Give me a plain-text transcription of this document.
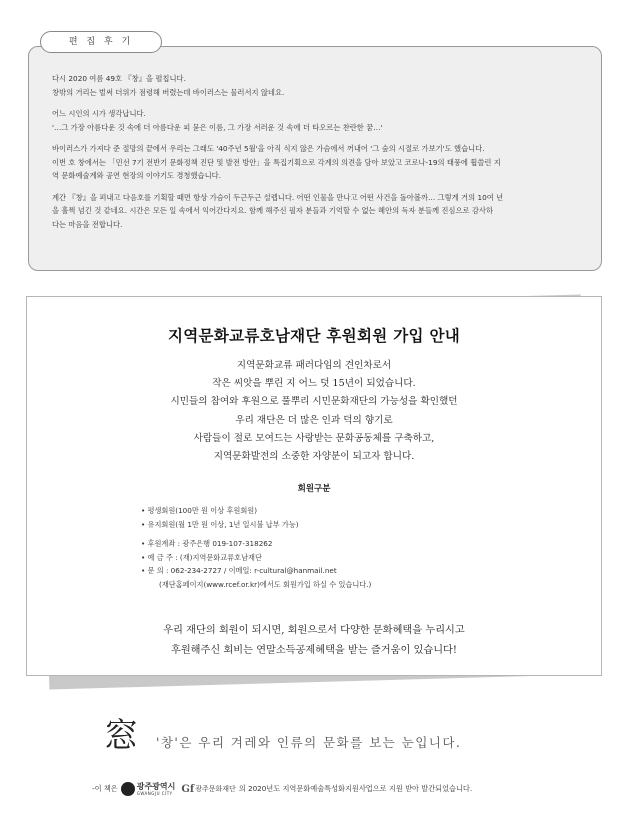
편 집 후 기

다시 2020 여름 49호 『창』을 펼칩니다.
창밖의 거리는 벌써 더위가 점령해 버렸는데 바이러스는 물러서지 않네요.

어느 시인의 시가 생각납니다.
'…그 가장 아름다운 것 속에 더 아름다운 피 묻은 이름, 그 가장 서러운 것 속에 더 타오르는 찬란한 꿈…'

바이러스가 가져다 준 절망의 끝에서 우리는 그래도 '40주년 5월'을 아직 식지 않은 가슴에서 꺼내어 '그 숲의 시절로 가보기'도 했습니다.
이번 호 창에서는 「민선 7기 전반기 문화정책 진단 및 발전 방안」을 특집기획으로 각계의 의견을 담아 보았고 코로나-19의 태풍에 휩쓸린 지
역 문화예술계와 공연 현장의 이야기도 경청했습니다.

계간 『창』을 펴내고 다음호를 기획할 때면 항상 가슴이 두근두근 설렙니다. 어떤 인물을 만나고 어떤 사건을 돌아볼까… 그렇게 거의 10여 년
을 훌쩍 넘긴 것 같네요. 시간은 모든 일 속에서 익어간다지요. 함께 해주신 필자 분들과 기억할 수 없는 혜안의 독자 분들께 진심으로 감사하
다는 마음을 전합니다.

지역문화교류호남재단 후원회원 가입 안내
지역문화교류 패러다임의 견인차로서
작은 씨앗을 뿌린 지 어느 덧 15년이 되었습니다.
시민들의 참여와 후원으로 풀뿌리 시민문화재단의 가능성을 확인했던
우리 재단은 더 많은 인과 덕의 향기로
사람들이 절로 모여드는 사랑받는 문화공동체를 구축하고,
지역문화발전의 소중한 자양분이 되고자 합니다.
회원구분
• 평생회원(100만 원 이상 후원회원)
• 유지회원(월 1만 원 이상, 1년 일시불 납부 가능)
• 후원계좌 : 광주은행 019-107-318262
• 예 금 주 : (재)지역문화교류호남재단
• 문 의 : 062-234-2727 / 이메일: r-cultural@hanmail.net
(재단홈페이지(www.rcef.or.kr)에서도 회원가입 하실 수 있습니다.)
우리 재단의 회원이 되시면, 회원으로서 다양한 문화혜택을 누리시고
후원해주신 회비는 연말소득공제혜택을 받는 즐거움이 있습니다!
窓 '창'은 우리 겨레와 인류의 문화를 보는 눈입니다.
-이 책은 광주광역시
GWANGJU CITY Gf 광주문화재단 의 2020년도 지역문화예술특성화지원사업으로 지원 받아 발간되었습니다.
